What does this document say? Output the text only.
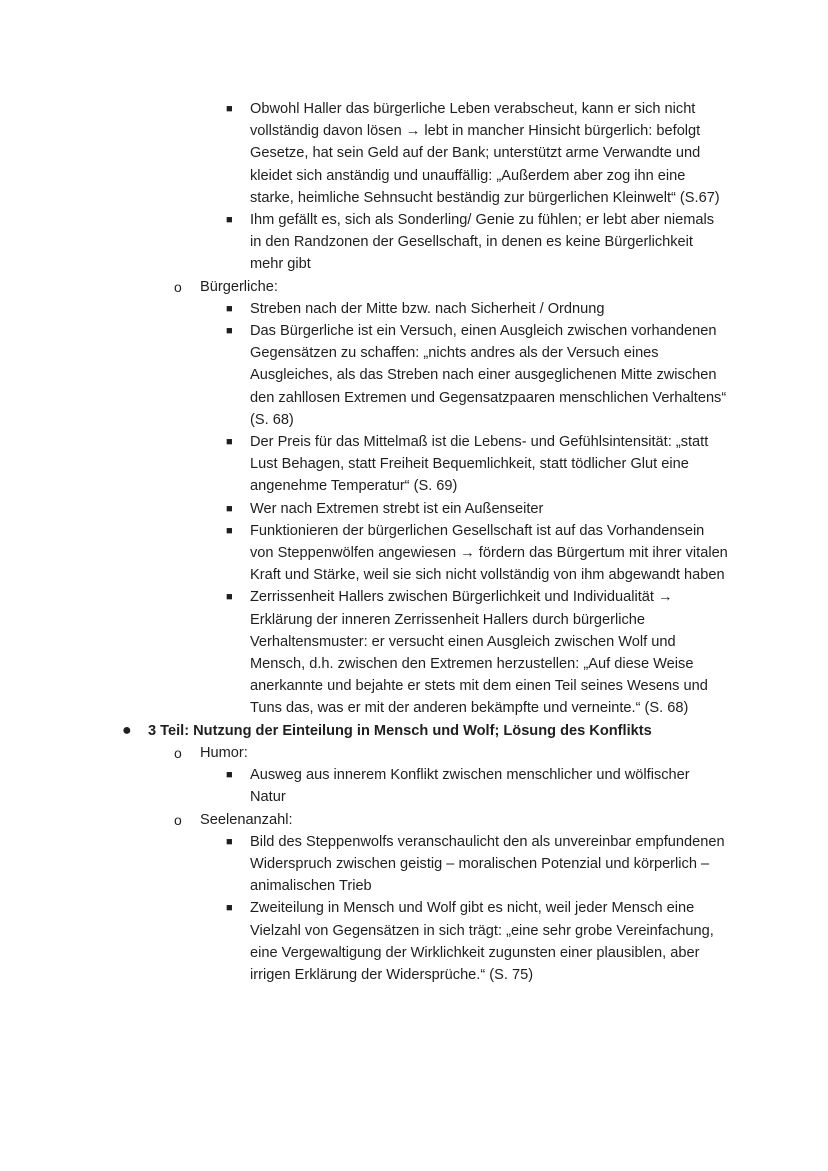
■ Obwohl Haller das bürgerliche Leben verabscheut, kann er sich nicht vollständig davon lösen → lebt in mancher Hinsicht bürgerlich: befolgt Gesetze, hat sein Geld auf der Bank; unterstützt arme Verwandte und kleidet sich anständig und unauffällig: „Außerdem aber zog ihn eine starke, heimliche Sehnsucht beständig zur bürgerlichen Kleinwelt“ (S.67)
■ Ihm gefällt es, sich als Sonderling/ Genie zu fühlen; er lebt aber niemals in den Randzonen der Gesellschaft, in denen es keine Bürgerlichkeit mehr gibt
o Bürgerliche:
■ Streben nach der Mitte bzw. nach Sicherheit / Ordnung
■ Das Bürgerliche ist ein Versuch, einen Ausgleich zwischen vorhandenen Gegensätzen zu schaffen: „nichts andres als der Versuch eines Ausgleiches, als das Streben nach einer ausgeglichenen Mitte zwischen den zahllosen Extremen und Gegensatzpaaren menschlichen Verhaltens“ (S. 68)
■ Der Preis für das Mittelmaß ist die Lebens- und Gefühlsintensität: „statt Lust Behagen, statt Freiheit Bequemlichkeit, statt tödlicher Glut eine angenehme Temperatur“ (S. 69)
■ Wer nach Extremen strebt ist ein Außenseiter
■ Funktionieren der bürgerlichen Gesellschaft ist auf das Vorhandensein von Steppenwölfen angewiesen → fördern das Bürgertum mit ihrer vitalen Kraft und Stärke, weil sie sich nicht vollständig von ihm abgewandt haben
■ Zerrissenheit Hallers zwischen Bürgerlichkeit und Individualität → Erklärung der inneren Zerrissenheit Hallers durch bürgerliche Verhaltensmuster: er versucht einen Ausgleich zwischen Wolf und Mensch, d.h. zwischen den Extremen herzustellen: „Auf diese Weise anerkannte und bejahte er stets mit dem einen Teil seines Wesens und Tuns das, was er mit der anderen bekämpfte und verneinte.“ (S. 68)
● 3 Teil: Nutzung der Einteilung in Mensch und Wolf; Lösung des Konflikts
o Humor:
■ Ausweg aus innerem Konflikt zwischen menschlicher und wölfischer Natur
o Seelenanzahl:
■ Bild des Steppenwolfs veranschaulicht den als unvereinbar empfundenen Widerspruch zwischen geistig – moralischen Potenzial und körperlich – animalischen Trieb
■ Zweiteilung in Mensch und Wolf gibt es nicht, weil jeder Mensch eine Vielzahl von Gegensätzen in sich trägt: „eine sehr grobe Vereinfachung, eine Vergewaltigung der Wirklichkeit zugunsten einer plausiblen, aber irrigen Erklärung der Widersprüche.“ (S. 75)
